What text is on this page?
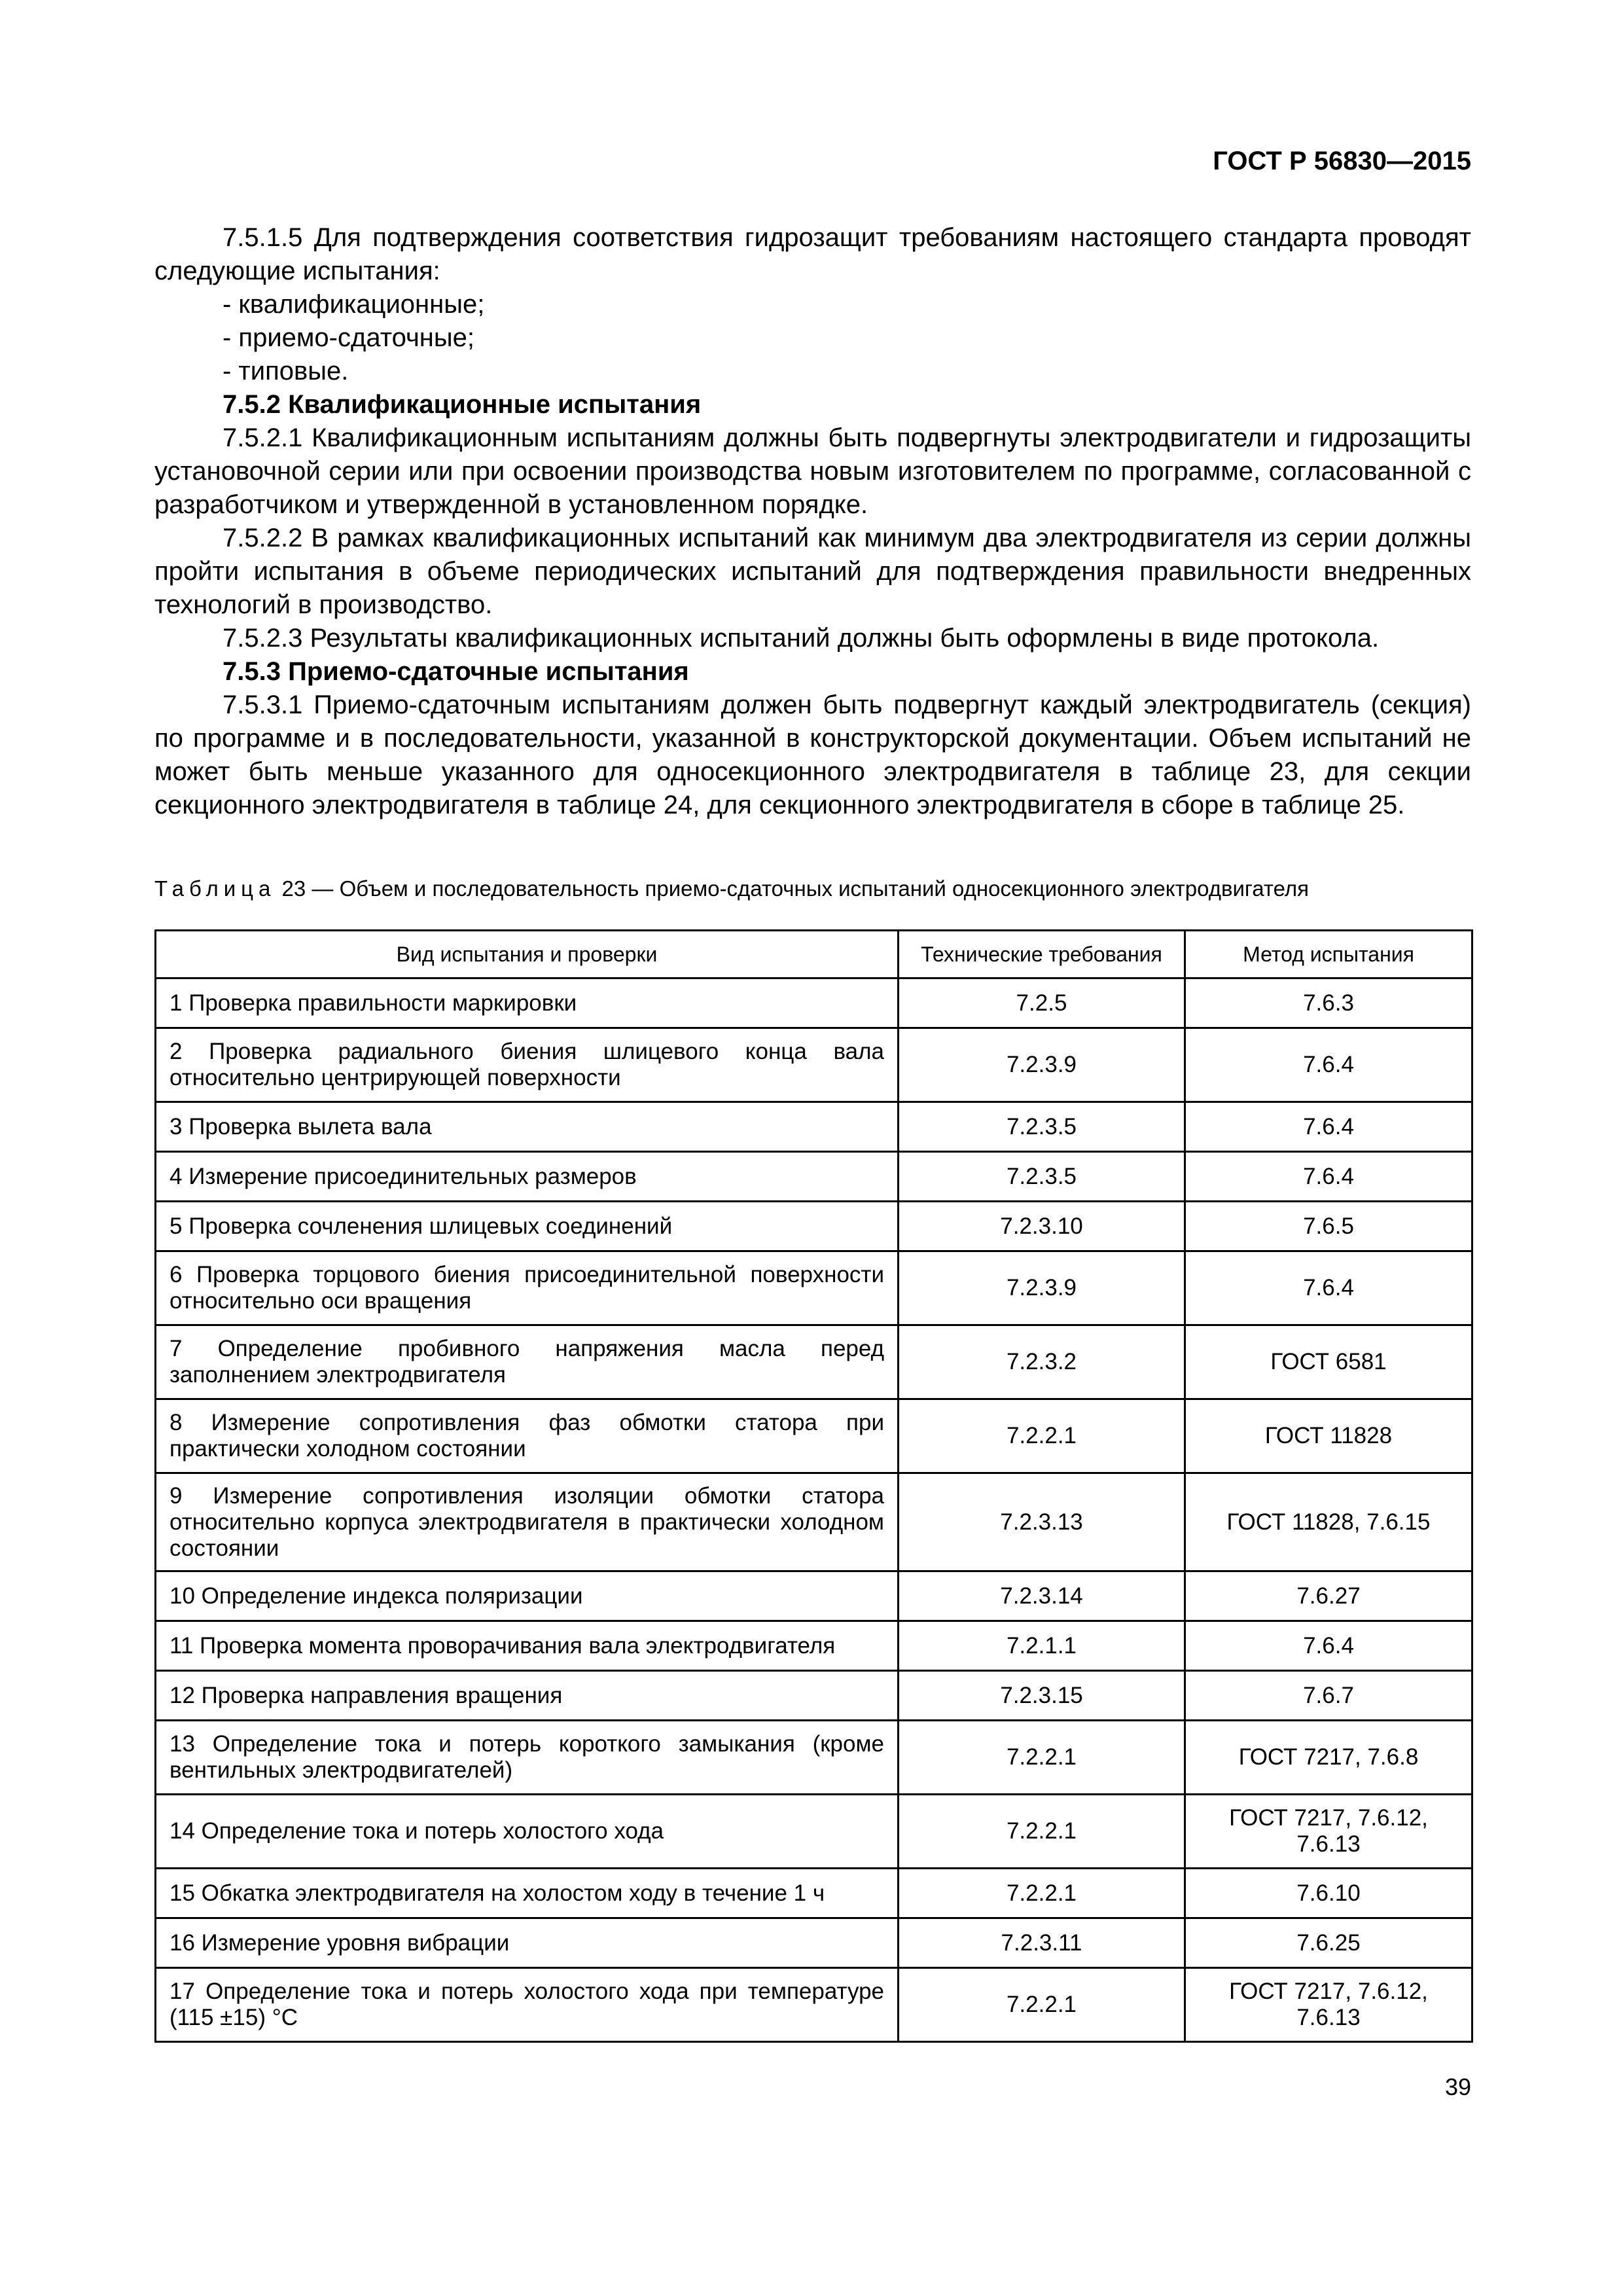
ГОСТ Р 56830—2015

7.5.1.5 Для подтверждения соответствия гидрозащит требованиям настоящего стандарта проводят следующие испытания:

- квалификационные;

- приемо-сдаточные;

- типовые.

7.5.2 Квалификационные испытания

7.5.2.1 Квалификационным испытаниям должны быть подвергнуты электродвигатели и гидрозащиты установочной серии или при освоении производства новым изготовителем по программе, согласованной с разработчиком и утвержденной в установленном порядке.

7.5.2.2 В рамках квалификационных испытаний как минимум два электродвигателя из серии должны пройти испытания в объеме периодических испытаний для подтверждения правильности внедренных технологий в производство.

7.5.2.3 Результаты квалификационных испытаний должны быть оформлены в виде протокола.

7.5.3 Приемо-сдаточные испытания

7.5.3.1 Приемо-сдаточным испытаниям должен быть подвергнут каждый электродвигатель (секция) по программе и в последовательности, указанной в конструкторской документации. Объем испытаний не может быть меньше указанного для односекционного электродвигателя в таблице 23, для секции секционного электродвигателя в таблице 24, для секционного электродвигателя в сборе в таблице 25.

Таблица 23 — Объем и последовательность приемо-сдаточных испытаний односекционного электродвигателя
Вид испытания и проверки	Технические требования	Метод испытания
1 Проверка правильности маркировки	7.2.5	7.6.3
2 Проверка радиального биения шлицевого конца вала относительно центрирующей поверхности	7.2.3.9	7.6.4
3 Проверка вылета вала	7.2.3.5	7.6.4
4 Измерение присоединительных размеров	7.2.3.5	7.6.4
5 Проверка сочленения шлицевых соединений	7.2.3.10	7.6.5
6 Проверка торцового биения присоединительной поверхности относительно оси вращения	7.2.3.9	7.6.4
7 Определение пробивного напряжения масла перед заполнением электродвигателя	7.2.3.2	ГОСТ 6581
8 Измерение сопротивления фаз обмотки статора при практически холодном состоянии	7.2.2.1	ГОСТ 11828
9 Измерение сопротивления изоляции обмотки статора относительно корпуса электродвигателя в практически холодном состоянии	7.2.3.13	ГОСТ 11828, 7.6.15
10 Определение индекса поляризации	7.2.3.14	7.6.27
11 Проверка момента проворачивания вала электродвигателя	7.2.1.1	7.6.4
12 Проверка направления вращения	7.2.3.15	7.6.7
13 Определение тока и потерь короткого замыкания (кроме вентильных электродвигателей)	7.2.2.1	ГОСТ 7217, 7.6.8
14 Определение тока и потерь холостого хода	7.2.2.1	ГОСТ 7217, 7.6.12, 7.6.13
15 Обкатка электродвигателя на холостом ходу в течение 1 ч	7.2.2.1	7.6.10
16 Измерение уровня вибрации	7.2.3.11	7.6.25
17 Определение тока и потерь холостого хода при температуре (115 ±15) °С	7.2.2.1	ГОСТ 7217, 7.6.12, 7.6.13
39
